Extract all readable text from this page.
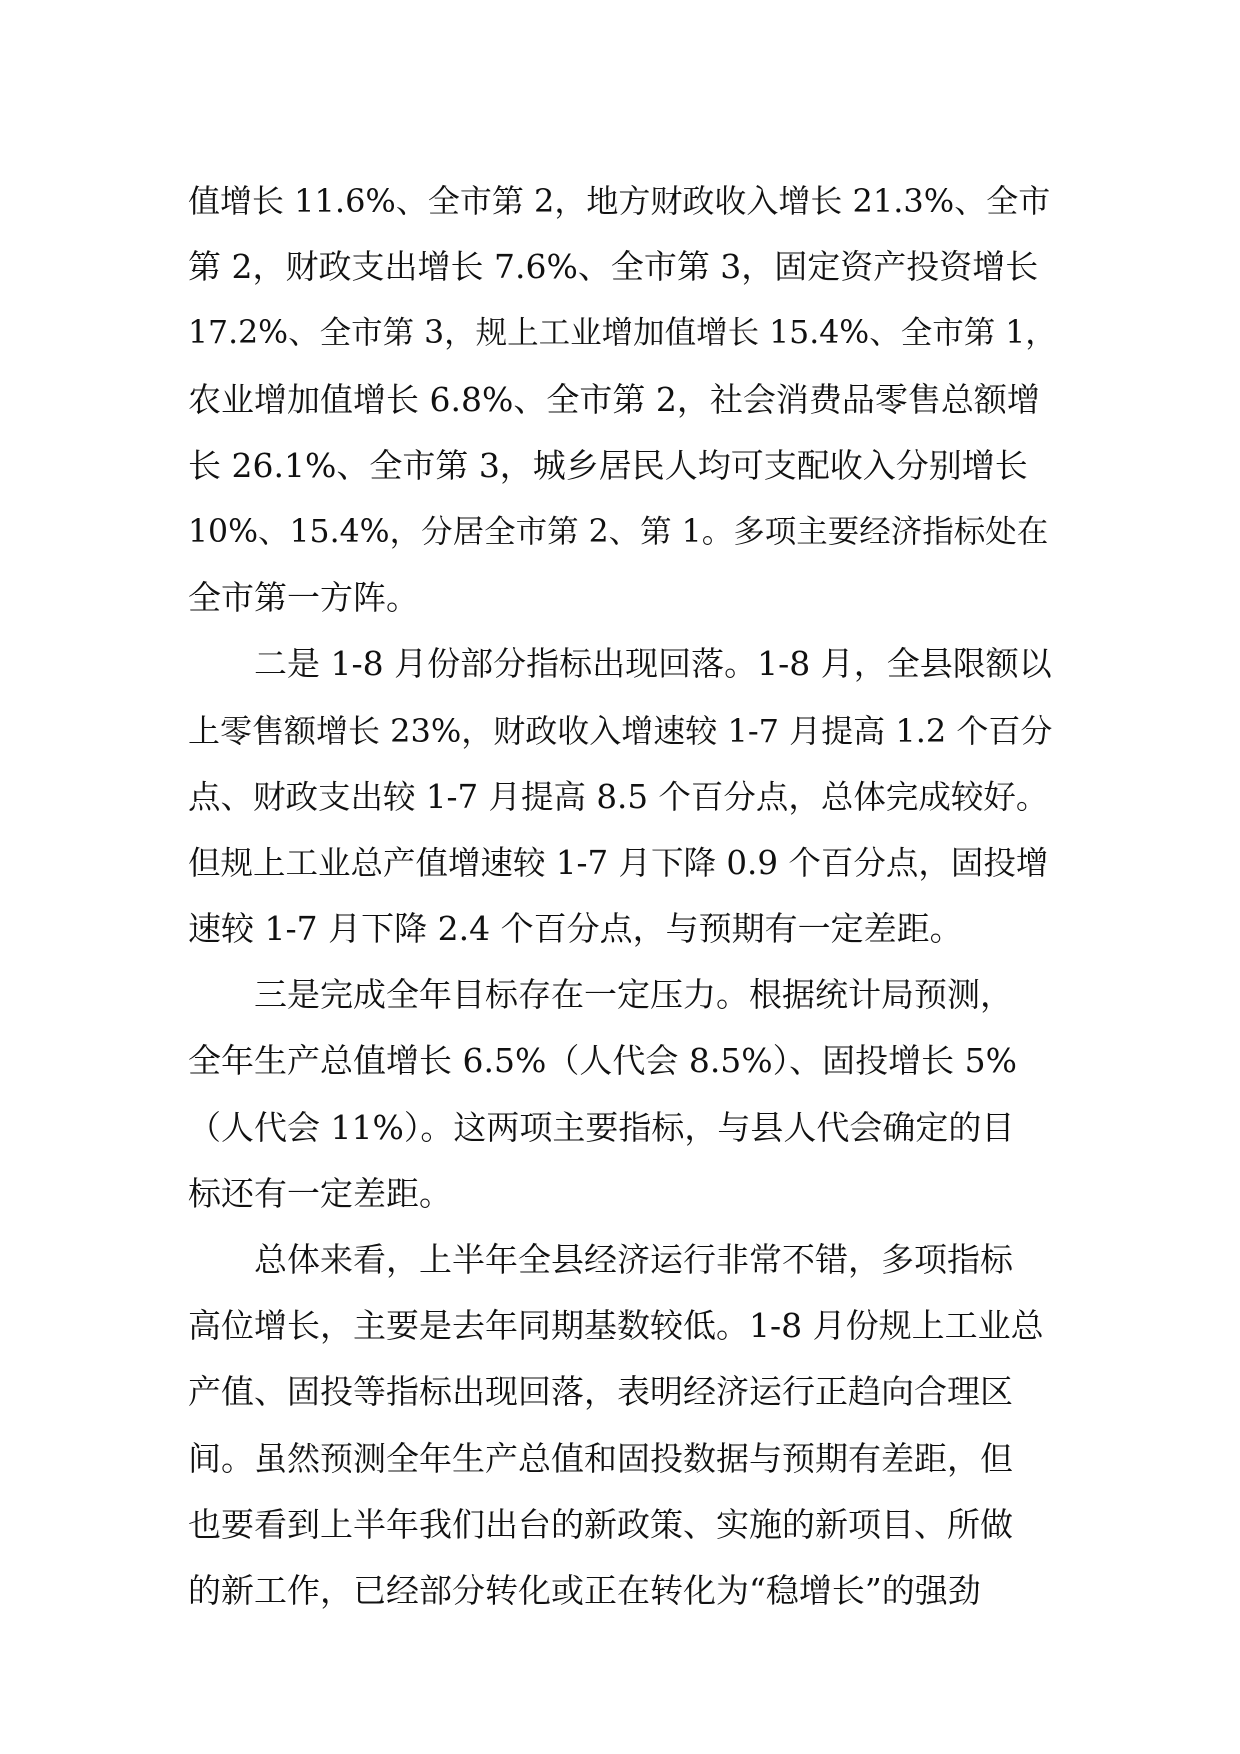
值增长 11.6%、全市第 2，地方财政收入增长 21.3%、全市
第 2，财政支出增长 7.6%、全市第 3，固定资产投资增长
17.2%、全市第 3，规上工业增加值增长 15.4%、全市第 1，
农业增加值增长 6.8%、全市第 2，社会消费品零售总额增
长 26.1%、全市第 3，城乡居民人均可支配收入分别增长
10%、15.4%，分居全市第 2、第 1。多项主要经济指标处在
全市第一方阵。
二是 1-8 月份部分指标出现回落。1-8 月，全县限额以
上零售额增长 23%，财政收入增速较 1-7 月提高 1.2 个百分
点、财政支出较 1-7 月提高 8.5 个百分点，总体完成较好。
但规上工业总产值增速较 1-7 月下降 0.9 个百分点，固投增
速较 1-7 月下降 2.4 个百分点，与预期有一定差距。
三是完成全年目标存在一定压力。根据统计局预测，
全年生产总值增长 6.5%（人代会 8.5%）、固投增长 5%
（人代会 11%）。这两项主要指标，与县人代会确定的目
标还有一定差距。
总体来看，上半年全县经济运行非常不错，多项指标
高位增长，主要是去年同期基数较低。1-8 月份规上工业总
产值、固投等指标出现回落，表明经济运行正趋向合理区
间。虽然预测全年生产总值和固投数据与预期有差距，但
也要看到上半年我们出台的新政策、实施的新项目、所做
的新工作，已经部分转化或正在转化为“稳增长”的强劲
